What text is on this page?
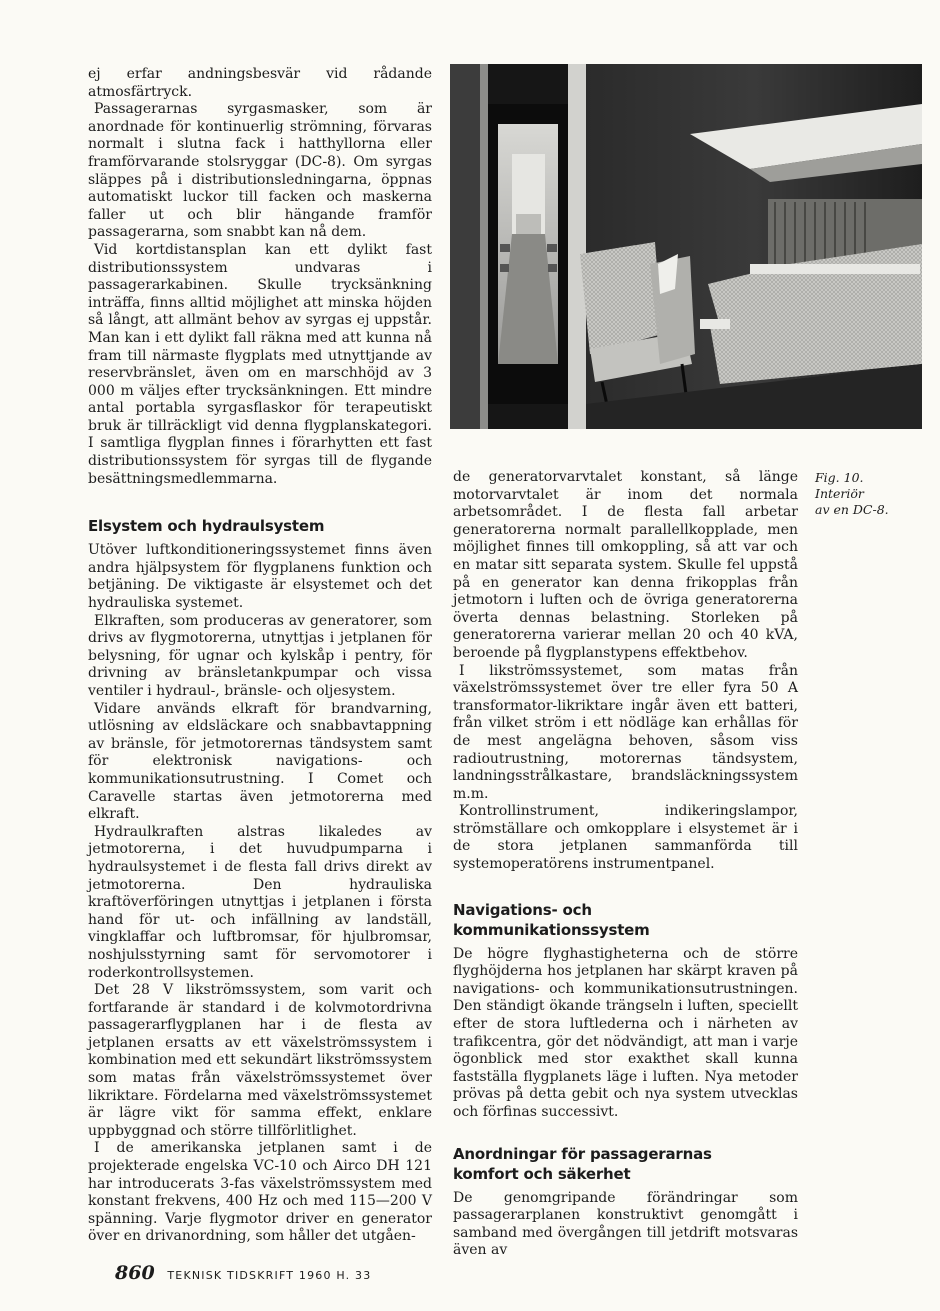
ej erfar andningsbesvär vid rådande atmosfärtryck.

Passagerarnas syrgasmasker, som är anordnade för kontinuerlig strömning, förvaras normalt i slutna fack i hatthyllorna eller framförvarande stolsryggar (DC-8). Om syrgas släppes på i distributionsledningarna, öppnas automatiskt luckor till facken och maskerna faller ut och blir hängande framför passagerarna, som snabbt kan nå dem.

Vid kortdistansplan kan ett dylikt fast distributionssystem undvaras i passagerarkabinen. Skulle trycksänkning inträffa, finns alltid möjlighet att minska höjden så långt, att allmänt behov av syrgas ej uppstår. Man kan i ett dylikt fall räkna med att kunna nå fram till närmaste flygplats med utnyttjande av reservbränslet, även om en marschhöjd av 3 000 m väljes efter trycksänkningen. Ett mindre antal portabla syrgasflaskor för terapeutiskt bruk är tillräckligt vid denna flygplanskategori. I samtliga flygplan finnes i förarhytten ett fast distributionssystem för syrgas till de flygande besättningsmedlemmarna.

Elsystem och hydraulsystem

Utöver luftkonditioneringssystemet finns även andra hjälpsystem för flygplanens funktion och betjäning. De viktigaste är elsystemet och det hydrauliska systemet.

Elkraften, som produceras av generatorer, som drivs av flygmotorerna, utnyttjas i jetplanen för belysning, för ugnar och kylskåp i pentry, för drivning av bränsletankpumpar och vissa ventiler i hydraul-, bränsle- och oljesystem.

Vidare används elkraft för brandvarning, utlösning av eldsläckare och snabbavtappning av bränsle, för jetmotorernas tändsystem samt för elektronisk navigations- och kommunikationsutrustning. I Comet och Caravelle startas även jetmotorerna med elkraft.

Hydraulkraften alstras likaledes av jetmotorerna, i det huvudpumparna i hydraulsystemet i de flesta fall drivs direkt av jetmotorerna. Den hydrauliska kraftöverföringen utnyttjas i jetplanen i första hand för ut- och infällning av landställ, vingklaffar och luftbromsar, för hjulbromsar, noshjulsstyrning samt för servomotorer i roderkontrollsystemen.

Det 28 V likströmssystem, som varit och fortfarande är standard i de kolvmotordrivna passagerarflygplanen har i de flesta av jetplanen ersatts av ett växelströmssystem i kombination med ett sekundärt likströmssystem som matas från växelströmssystemet över likriktare. Fördelarna med växelströmssystemet är lägre vikt för samma effekt, enklare uppbyggnad och större tillförlitlighet.

I de amerikanska jetplanen samt i de projekterade engelska VC-10 och Airco DH 121 har introducerats 3-fas växelströmssystem med konstant frekvens, 400 Hz och med 115—200 V spänning. Varje flygmotor driver en generator över en drivanordning, som håller det utgåen-

de generatorvarvtalet konstant, så länge motorvarvtalet är inom det normala arbetsområdet. I de flesta fall arbetar generatorerna normalt parallellkopplade, men möjlighet finnes till omkoppling, så att var och en matar sitt separata system. Skulle fel uppstå på en generator kan denna frikopplas från jetmotorn i luften och de övriga generatorerna överta dennas belastning. Storleken på generatorerna varierar mellan 20 och 40 kVA, beroende på flygplanstypens effektbehov.

I likströmssystemet, som matas från växelströmssystemet över tre eller fyra 50 A transformator-likriktare ingår även ett batteri, från vilket ström i ett nödläge kan erhållas för de mest angelägna behoven, såsom viss radioutrustning, motorernas tändsystem, landningsstrålkastare, brandsläckningssystem m.m.

Kontrollinstrument, indikeringslampor, strömställare och omkopplare i elsystemet är i de stora jetplanen sammanförda till systemoperatörens instrumentpanel.

Navigations- och
kommunikationssystem

De högre flyghastigheterna och de större flyghöjderna hos jetplanen har skärpt kraven på navigations- och kommunikationsutrustningen. Den ständigt ökande trängseln i luften, speciellt efter de stora luftlederna och i närheten av trafikcentra, gör det nödvändigt, att man i varje ögonblick med stor exakthet skall kunna fastställa flygplanets läge i luften. Nya metoder prövas på detta gebit och nya system utvecklas och förfinas successivt.

Anordningar för passagerarnas
komfort och säkerhet

De genomgripande förändringar som passagerarplanen konstruktivt genomgått i samband med övergången till jetdrift motsvaras även av

Fig. 10. Interiör
av en DC-8.

860 TEKNISK TIDSKRIFT 1960 H. 33
